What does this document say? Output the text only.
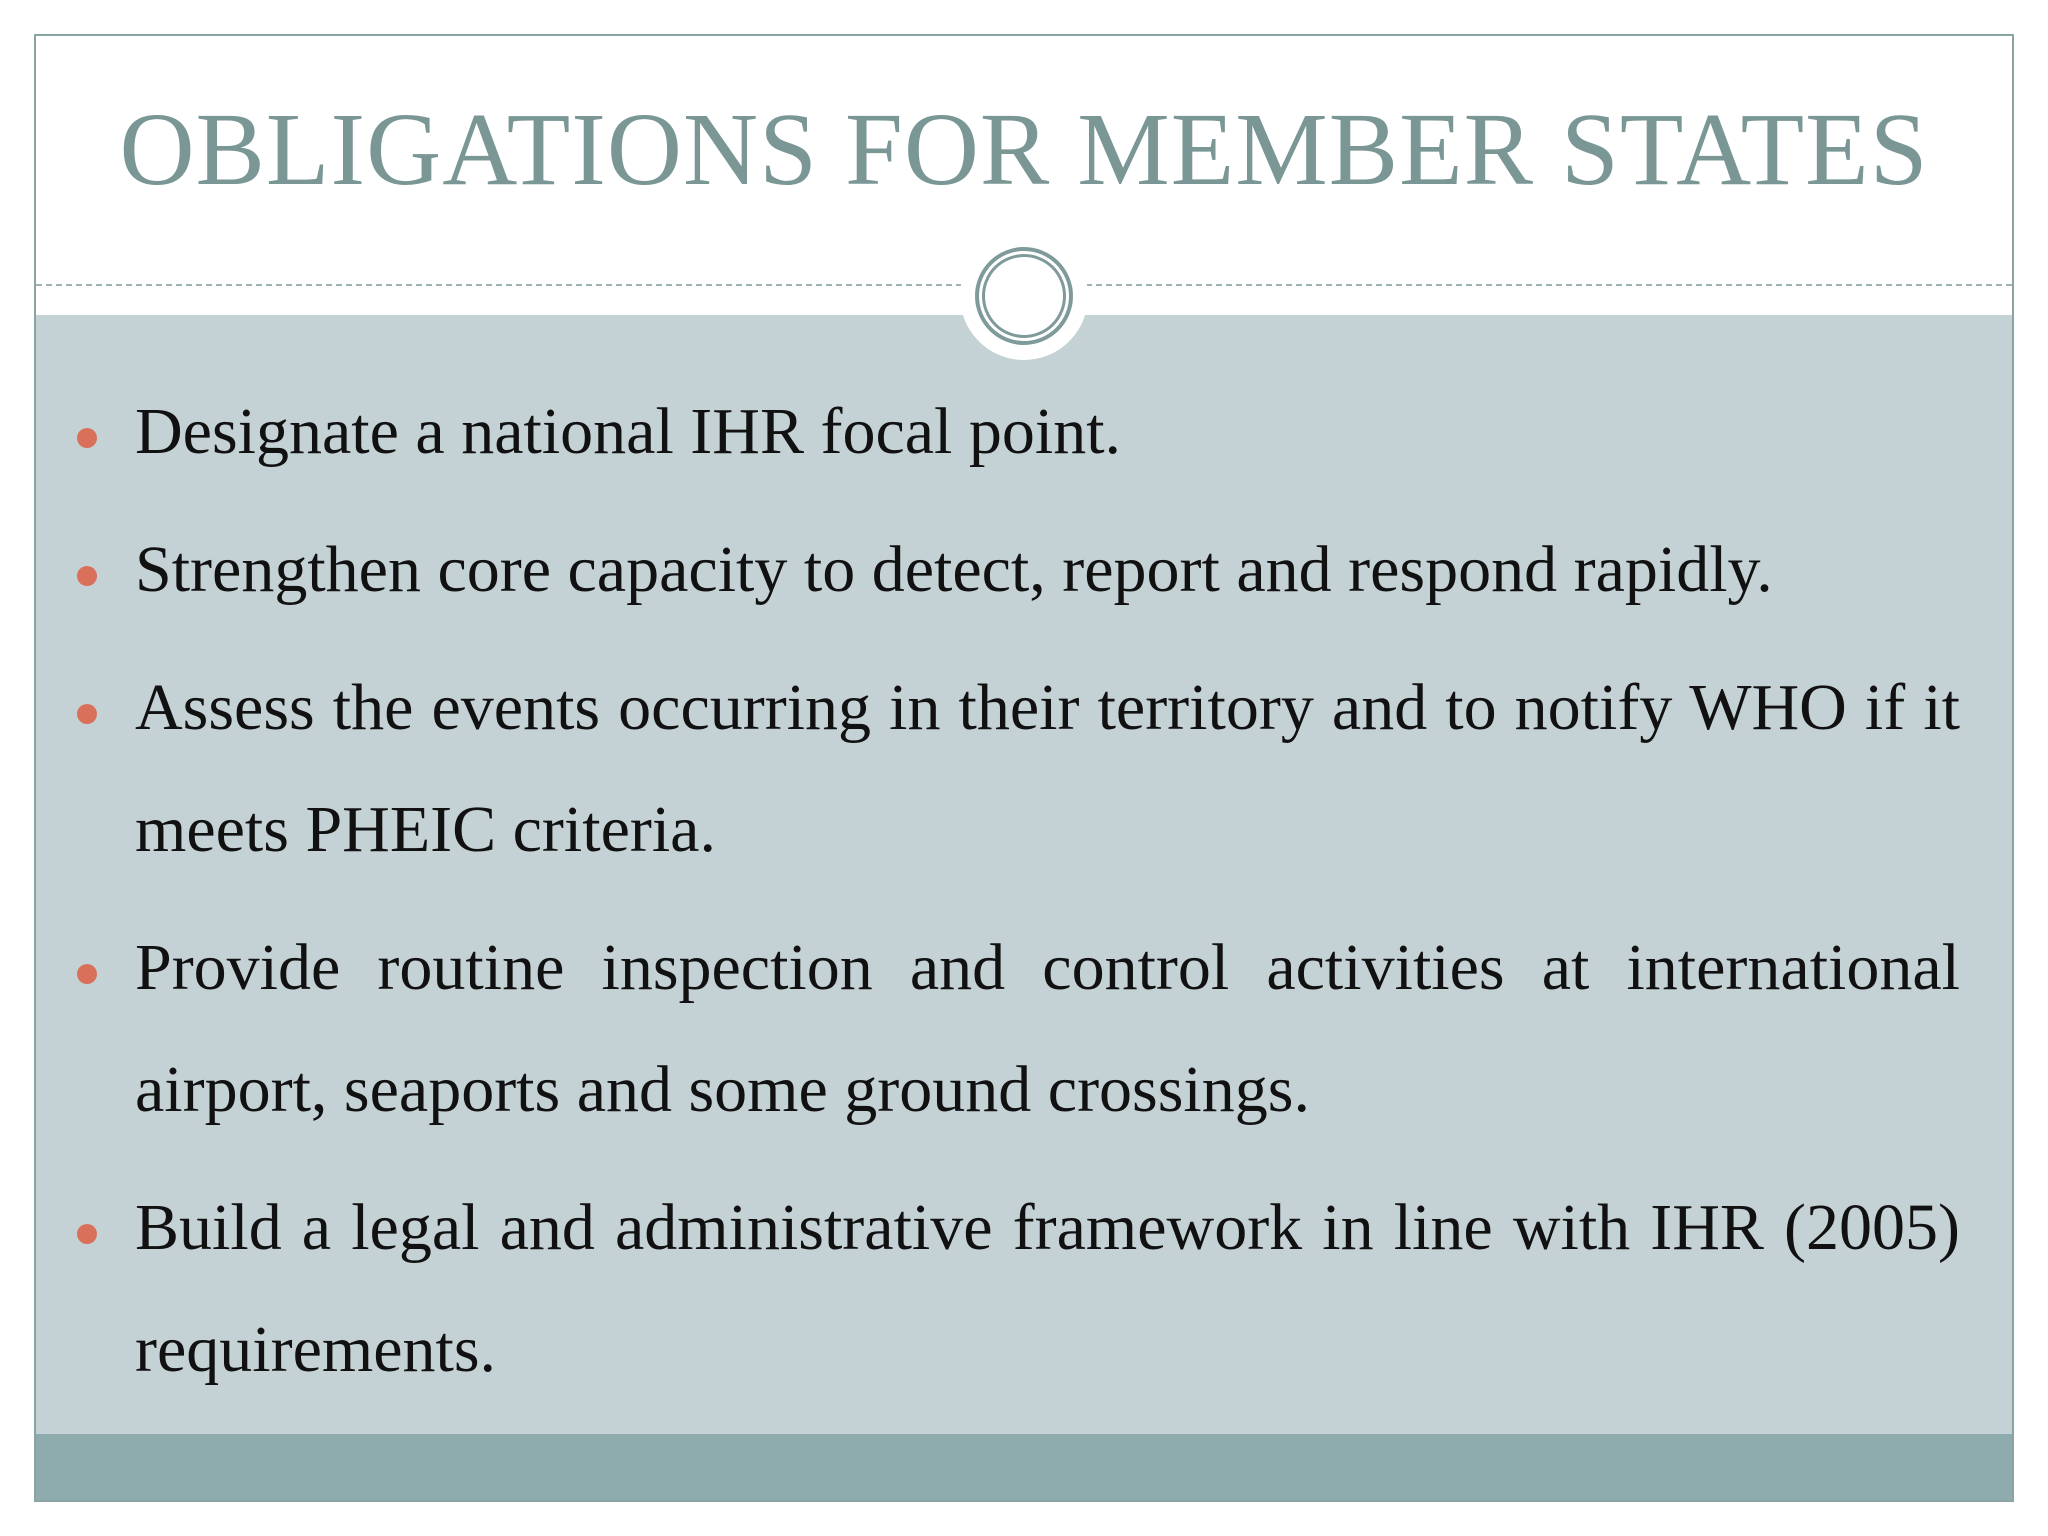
OBLIGATIONS FOR MEMBER STATES
Designate a national IHR focal point.
Strengthen core capacity to detect, report and respond rapidly.
Assess the events occurring in their territory and to notify WHO if it meets PHEIC criteria.
Provide routine inspection and control activities at international airport, seaports and some ground crossings.
Build a legal and administrative framework in line with IHR (2005) requirements.
